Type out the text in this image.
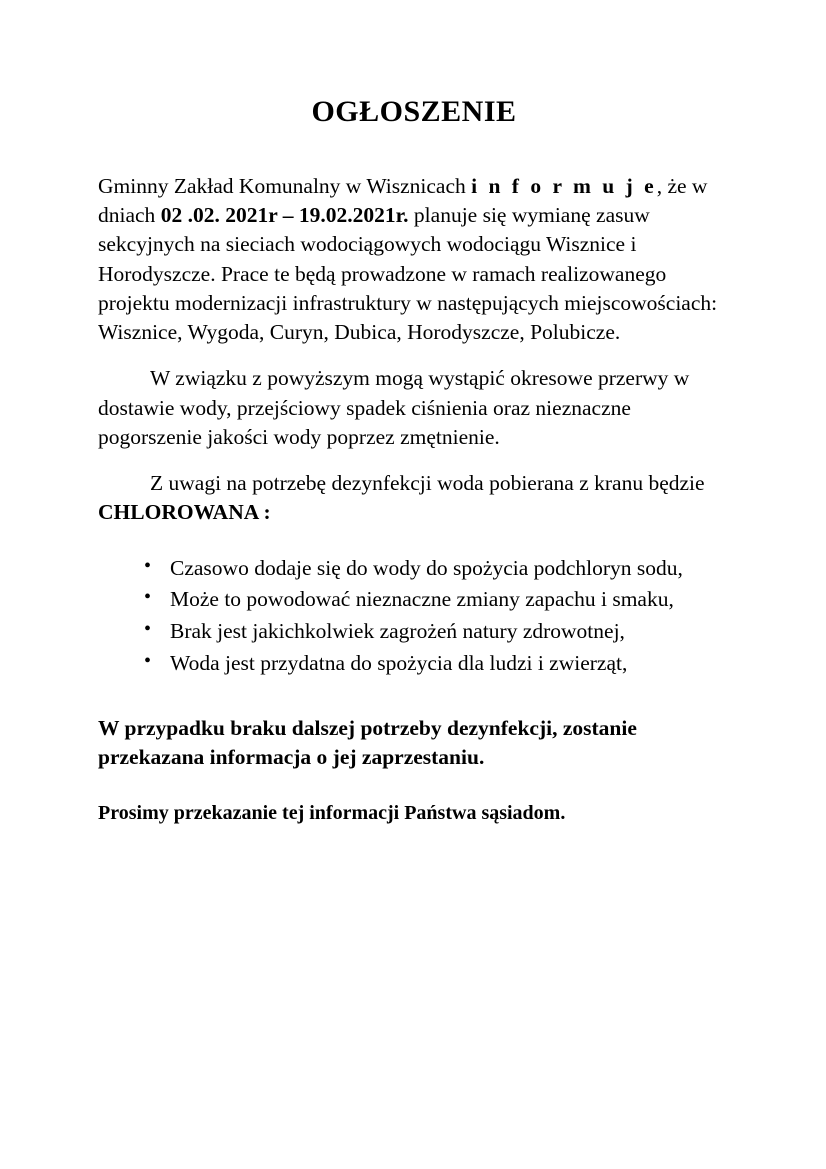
OGŁOSZENIE

Gminny Zakład Komunalny w Wisznicach i n f o r m u j e, że w dniach 02 .02. 2021r – 19.02.2021r. planuje się wymianę zasuw sekcyjnych na sieciach wodociągowych wodociągu Wisznice i Horodyszcze. Prace te będą prowadzone w ramach realizowanego projektu modernizacji infrastruktury w następujących miejscowościach: Wisznice, Wygoda, Curyn, Dubica, Horodyszcze, Polubicze.

W związku z powyższym mogą wystąpić okresowe przerwy w dostawie wody, przejściowy spadek ciśnienia oraz nieznaczne pogorszenie jakości wody poprzez zmętnienie.

Z uwagi na potrzebę dezynfekcji woda pobierana z kranu będzie CHLOROWANA :

• Czasowo dodaje się do wody do spożycia podchloryn sodu,
• Może to powodować nieznaczne zmiany zapachu i smaku,
• Brak jest jakichkolwiek zagrożeń natury zdrowotnej,
• Woda jest przydatna do spożycia dla ludzi i zwierząt,

W przypadku braku dalszej potrzeby dezynfekcji, zostanie przekazana informacja o jej zaprzestaniu.

Prosimy przekazanie tej informacji Państwa sąsiadom.
